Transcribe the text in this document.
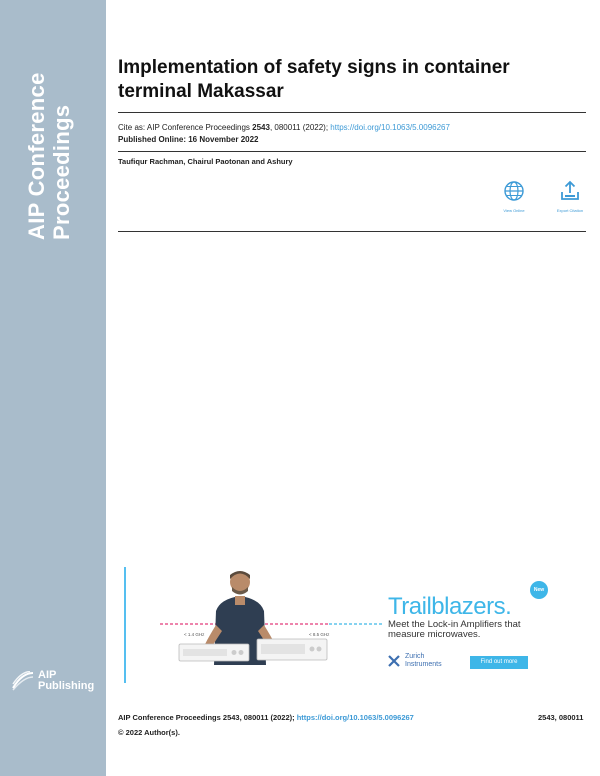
AIP Conference Proceedings
AIP
Publishing
Implementation of safety signs in container
terminal Makassar
Cite as: AIP Conference Proceedings 2543, 080011 (2022); https://doi.org/10.1063/5.0096267
Published Online: 16 November 2022
Taufiqur Rachman, Chairul Paotonan and Ashury
View Online	Export Citation
< 1.4 GHz	< 8.5 GHz
Trailblazers.
New
Meet the Lock-in Amplifiers that
measure microwaves.
Zurich
Instruments	Find out more
AIP Conference Proceedings 2543, 080011 (2022); https://doi.org/10.1063/5.0096267	2543, 080011
© 2022 Author(s).
